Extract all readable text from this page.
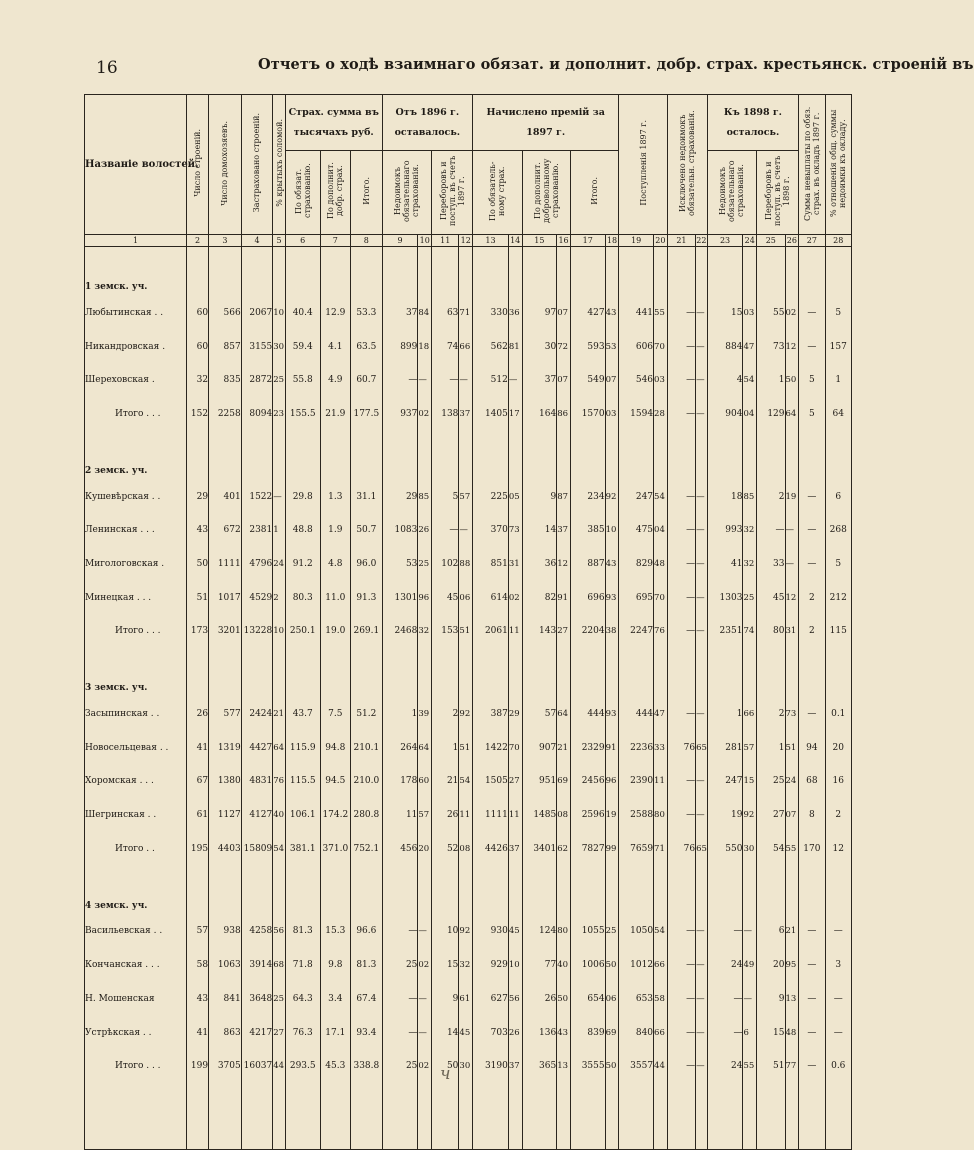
16	Отчетъ о ходѣ взаимнаго обязат. и дополнит. добр. страх. крестьянск. строеній въ
Названіе волостей.	Число строеній.	Число домохозяевъ.	Застраховано строеній.	% крытыхъ соломой.	Страх. сумма въ тысячахъ руб.			Отъ 1896 г. оставалось.				Начислено премій за 1897 г.						Поступленія 1897 г.		Исключено недоимокъ обязательн. страхованія.		Къ 1898 г. осталось.				Сумма невыплаты по обяз. страх. въ окладъ 1897 г.	% отношенія общ. суммы недоимки къ окладу.
					По обязат. страхованію.	По дополнит. добр. страх.	Итого.	Недоимокъ обязательнаго страхованія.		Переборовъ и поступ. въ счетъ 1897 г.		По обязатель-ному страх.		По дополнит. добровольному страхованію.		Итого.						Недоимокъ обязательнаго страхованія.		Переборовъ и поступ. въ счетъ 1898 г.			
1	2	3	4	5	6	7	8	9	10	11	12	13	14	15	16	17	18	19	20	21	22	23	24	25	26	27	28

1 земск. уч.																											
Любытинская . .	60	566	2067	10	40.4	12.9	53.3	37	84	63	71	330	36	97	07	427	43	441	55	—	—	15	03	55	02	—	5
Никандровская .	60	857	3155	30	59.4	4.1	63.5	899	18	74	66	562	81	30	72	593	53	606	70	—	—	884	47	73	12	—	157
Шереховская .	32	835	2872	25	55.8	4.9	60.7	—	—	—	—	512	—	37	07	549	07	546	03	—	—	4	54	1	50	5	1
Итого . . .	152	2258	8094	23	155.5	21.9	177.5	937	02	138	37	1405	17	164	86	1570	03	1594	28	—	—	904	04	129	64	5	64

2 земск. уч.																											
Кушевѣрская . .	29	401	1522	—	29.8	1.3	31.1	29	85	5	57	225	05	9	87	234	92	247	54	—	—	18	85	2	19	—	6
Ленинская . . .	43	672	2381	1	48.8	1.9	50.7	1083	26	—	—	370	73	14	37	385	10	475	04	—	—	993	32	—	—	—	268
Мигологовская .	50	1111	4796	24	91.2	4.8	96.0	53	25	102	88	851	31	36	12	887	43	829	48	—	—	41	32	33	—	—	5
Минецкая . . .	51	1017	4529	2	80.3	11.0	91.3	1301	96	45	06	614	02	82	91	696	93	695	70	—	—	1303	25	45	12	2	212
Итого . . .	173	3201	13228	10	250.1	19.0	269.1	2468	32	153	51	2061	11	143	27	2204	38	2247	76	—	—	2351	74	80	31	2	115

3 земск. уч.																											
Засыпинская . .	26	577	2424	21	43.7	7.5	51.2	1	39	2	92	387	29	57	64	444	93	444	47	—	—	1	66	2	73	—	0.1
Новосельцевая . .	41	1319	4427	64	115.9	94.8	210.1	264	64	1	51	1422	70	907	21	2329	91	2236	33	76	65	281	57	1	51	94	20
Хоромская . . .	67	1380	4831	76	115.5	94.5	210.0	178	60	21	54	1505	27	951	69	2456	96	2390	11	—	—	247	15	25	24	68	16
Шегринская . .	61	1127	4127	40	106.1	174.2	280.8	11	57	26	11	1111	11	1485	08	2596	19	2588	80	—	—	19	92	27	07	8	2
Итого . .	195	4403	15809	54	381.1	371.0	752.1	456	20	52	08	4426	37	3401	62	7827	99	7659	71	76	65	550	30	54	55	170	12

4 земск. уч.																											
Васильевская . .	57	938	4258	56	81.3	15.3	96.6	—	—	10	92	930	45	124	80	1055	25	1050	54	—	—	—	—	6	21	—	—
Кончанская . . .	58	1063	3914	68	71.8	9.8	81.3	25	02	15	32	929	10	77	40	1006	50	1012	66	—	—	24	49	20	95	—	3
Н. Мошенская	43	841	3648	25	64.3	3.4	67.4	—	—	9	61	627	56	26	50	654	06	653	58	—	—	—	—	9	13	—	—
Устрѣкская . .	41	863	4217	27	76.3	17.1	93.4	—	—	14	45	703	26	136	43	839	69	840	66	—	—	—	6	15	48	—	—
Итого . . .	199	3705	16037	44	293.5	45.3	338.8	25	02	50	30	3190	37	365	13	3555	50	3557	44	—	—	24	55	51	77	—	0.6

ч
